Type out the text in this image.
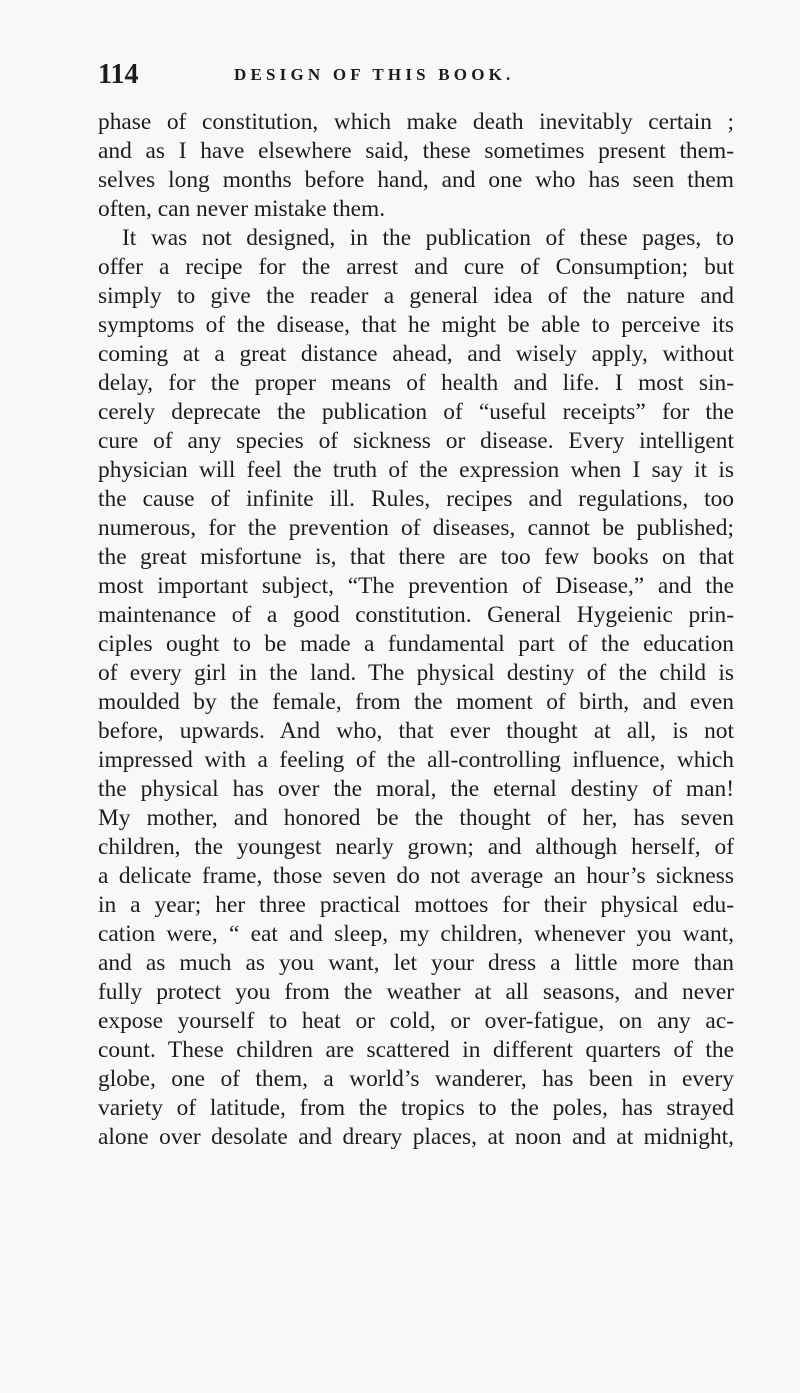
114	DESIGN OF THIS BOOK.
phase of constitution, which make death inevitably certain ;
and as I have elsewhere said, these sometimes present them-
selves long months before hand, and one who has seen them
often, can never mistake them.
It was not designed, in the publication of these pages, to
offer a recipe for the arrest and cure of Consumption; but
simply to give the reader a general idea of the nature and
symptoms of the disease, that he might be able to perceive its
coming at a great distance ahead, and wisely apply, without
delay, for the proper means of health and life. I most sin-
cerely deprecate the publication of “useful receipts” for the
cure of any species of sickness or disease. Every intelligent
physician will feel the truth of the expression when I say it is
the cause of infinite ill. Rules, recipes and regulations, too
numerous, for the prevention of diseases, cannot be published;
the great misfortune is, that there are too few books on that
most important subject, “The prevention of Disease,” and the
maintenance of a good constitution. General Hygeienic prin-
ciples ought to be made a fundamental part of the education
of every girl in the land. The physical destiny of the child is
moulded by the female, from the moment of birth, and even
before, upwards. And who, that ever thought at all, is not
impressed with a feeling of the all-controlling influence, which
the physical has over the moral, the eternal destiny of man!
My mother, and honored be the thought of her, has seven
children, the youngest nearly grown; and although herself, of
a delicate frame, those seven do not average an hour’s sickness
in a year; her three practical mottoes for their physical edu-
cation were, “ eat and sleep, my children, whenever you want,
and as much as you want, let your dress a little more than
fully protect you from the weather at all seasons, and never
expose yourself to heat or cold, or over-fatigue, on any ac-
count. These children are scattered in different quarters of the
globe, one of them, a world’s wanderer, has been in every
variety of latitude, from the tropics to the poles, has strayed
alone over desolate and dreary places, at noon and at midnight,
